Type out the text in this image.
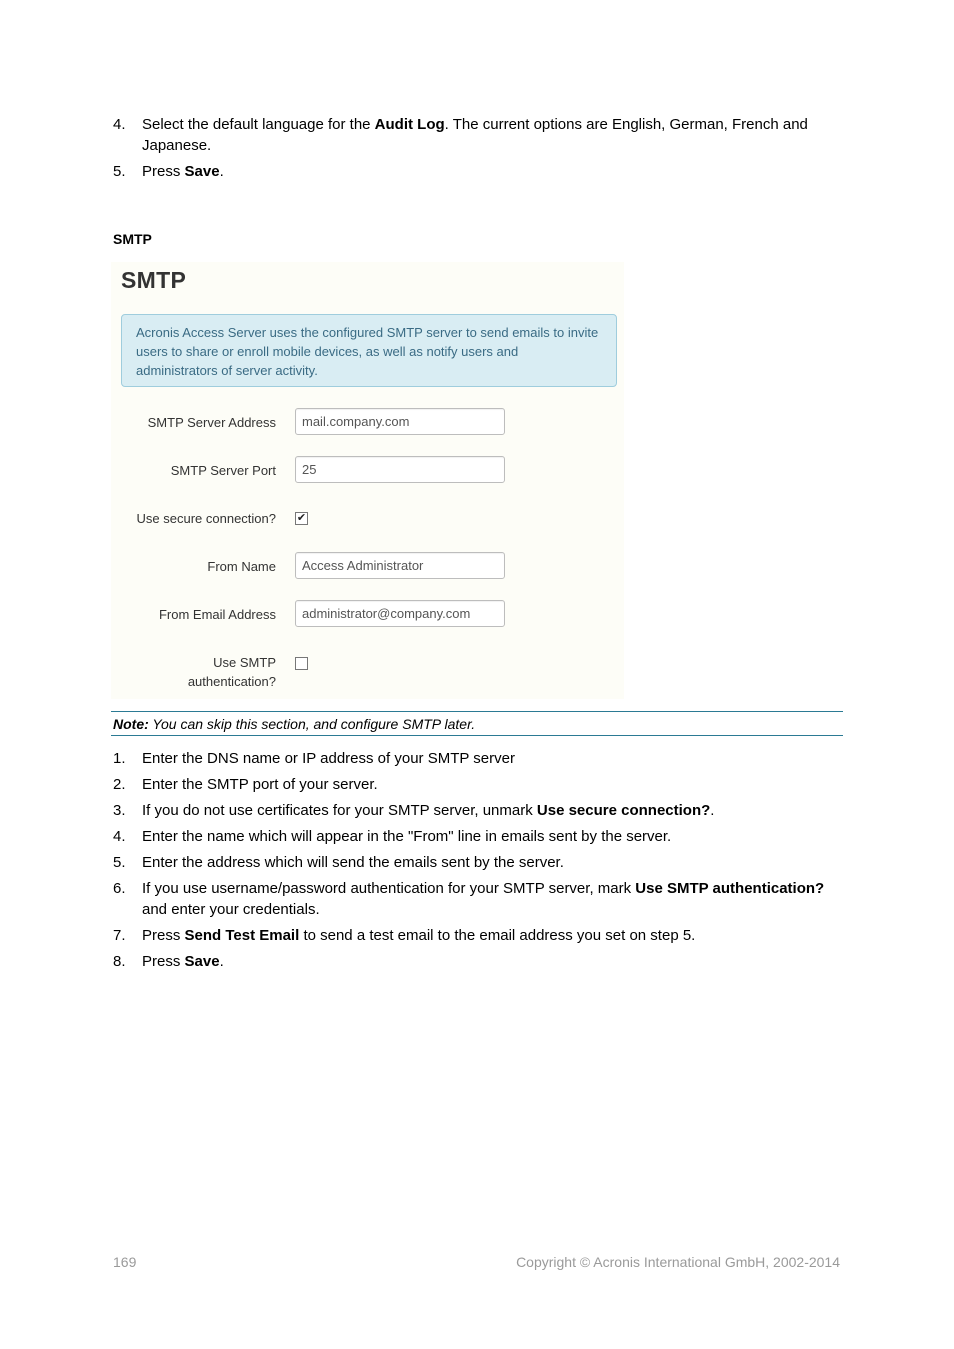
4. Select the default language for the Audit Log. The current options are English, German, French and Japanese.
5. Press Save.
SMTP
SMTP
Acronis Access Server uses the configured SMTP server to send emails to invite users to share or enroll mobile devices, as well as notify users and administrators of server activity.
SMTP Server Address
mail.company.com
SMTP Server Port
25
Use secure connection? ✔
From Name
Access Administrator
From Email Address
administrator@company.com
Use SMTP
authentication?
Note: You can skip this section, and configure SMTP later.
1. Enter the DNS name or IP address of your SMTP server
2. Enter the SMTP port of your server.
3. If you do not use certificates for your SMTP server, unmark Use secure connection?.
4. Enter the name which will appear in the "From" line in emails sent by the server.
5. Enter the address which will send the emails sent by the server.
6. If you use username/password authentication for your SMTP server, mark Use SMTP authentication? and enter your credentials.
7. Press Send Test Email to send a test email to the email address you set on step 5.
8. Press Save.
169	Copyright © Acronis International GmbH, 2002-2014
